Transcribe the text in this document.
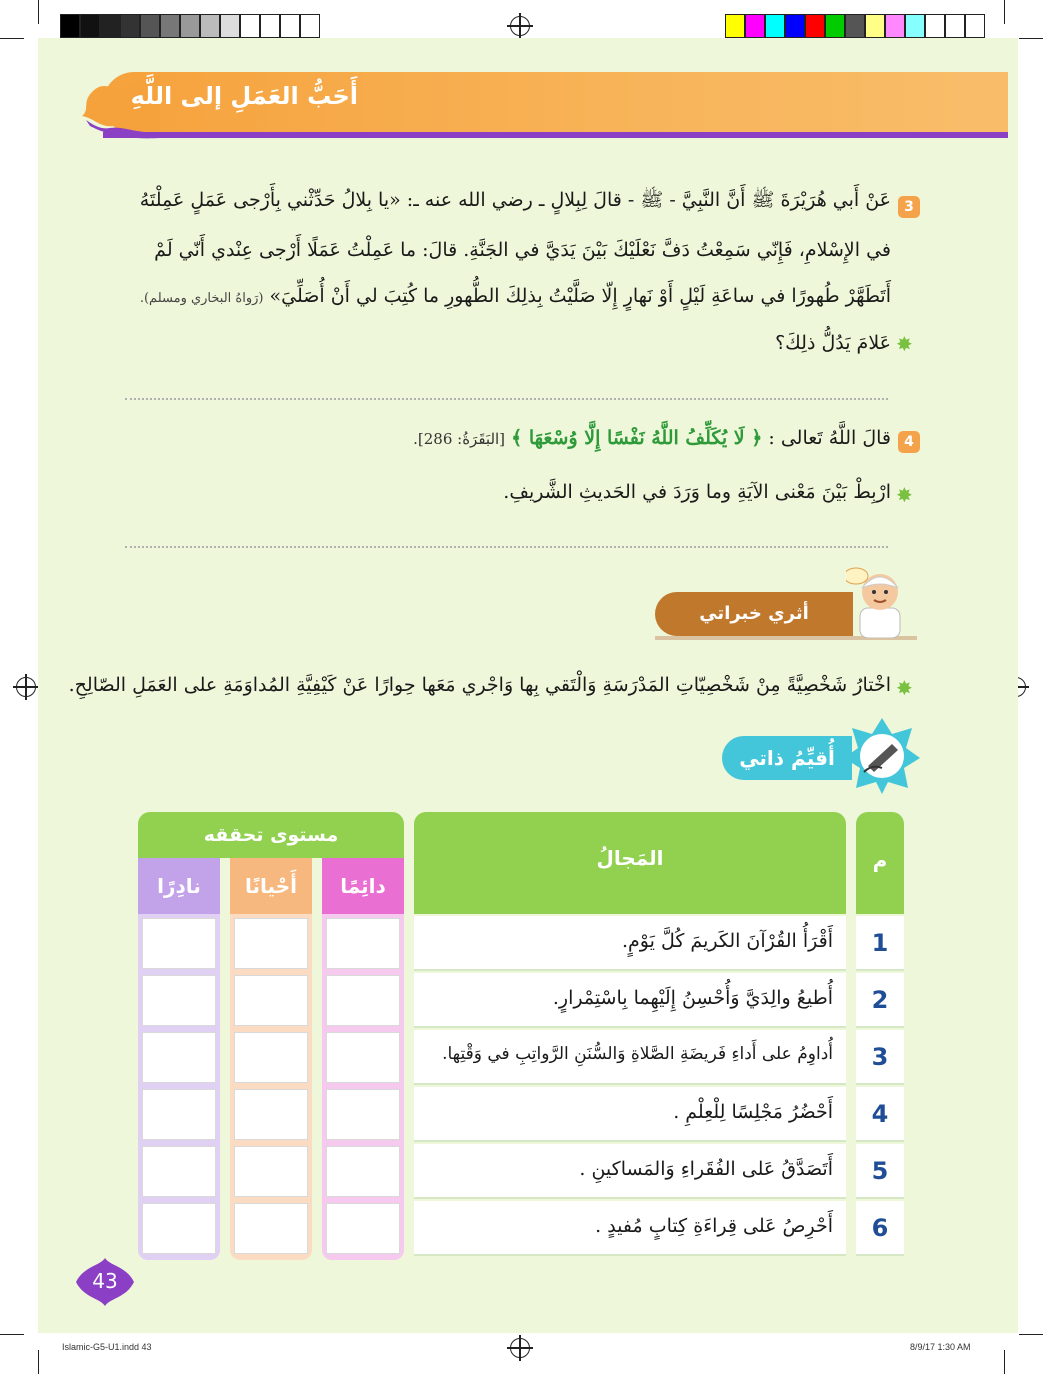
أَحَبُّ العَمَلِ إلى اللَّهِ
3
عَنْ أَبي هُرَيْرَةَ ﷺ أَنَّ النَّبِيَّ - ﷺ - قالَ لِبِلالٍ ـ رضي الله عنه ـ: «يا بِلالُ حَدِّثْني بِأَرْجى عَمَلٍ عَمِلْتَهُ
في الإِسْلامِ، فَإِنّي سَمِعْتُ دَفَّ نَعْلَيْكَ بَيْنَ يَدَيَّ في الجَنَّةِ. قالَ: ما عَمِلْتُ عَمَلًا أَرْجى عِنْدي أَنّي لَمْ
أَتَطَهَّرْ طُهورًا في ساعَةِ لَيْلٍ أَوْ نَهارٍ إِلّا صَلَّيْتُ بِذلِكَ الطُّهورِ ما كُتِبَ لي أَنْ أُصَلِّيَ» (رَواهُ البخاري ومسلم).
✸
عَلامَ يَدُلُّ ذلِكَ؟
4
قالَ اللَّهُ تَعالى : ﴿ لَا يُكَلِّفُ اللَّهُ نَفْسًا إِلَّا وُسْعَهَا ﴾ [البَقَرَةُ: 286].
✸
ارْبِطْ بَيْنَ مَعْنى الآيَةِ وما وَرَدَ في الحَديثِ الشَّريفِ.
أثري خبراتي
✸
اخْتارُ شَخْصِيَّةً مِنْ شَخْصِيّاتِ المَدْرَسَةِ وَالْتَقي بِها وَاجْري مَعَها حِوارًا عَنْ كَيْفِيَّةِ المُداوَمَةِ على العَمَلِ الصّالِحِ.
أُقيِّمُ ذاتي
م
المَجالُ
مستوى تحققه
دائِمًا
أَحْيانًا
نادِرًا
1
أَقْرَأُ القُرْآنَ الكَريمَ كُلَّ يَوْمٍ.
2
أُطيعُ والِدَيَّ وَأُحْسِنُ إِلَيْهِما بِاسْتِمْرارٍ.
3
أُداوِمُ على أَداءِ فَريضَةِ الصَّلاةِ وَالسُّنَنِ الرَّواتِبِ في وَقْتِها.
4
أَحْضُرُ مَجْلِسًا لِلْعِلْمِ .
5
أَتَصَدَّقُ عَلى الفُقَراءِ وَالمَساكينِ .
6
أَحْرِصُ عَلى قِراءَةِ كِتابٍ مُفيدٍ .
43
Islamic-G5-U1.indd 43	8/9/17 1:30 AM
